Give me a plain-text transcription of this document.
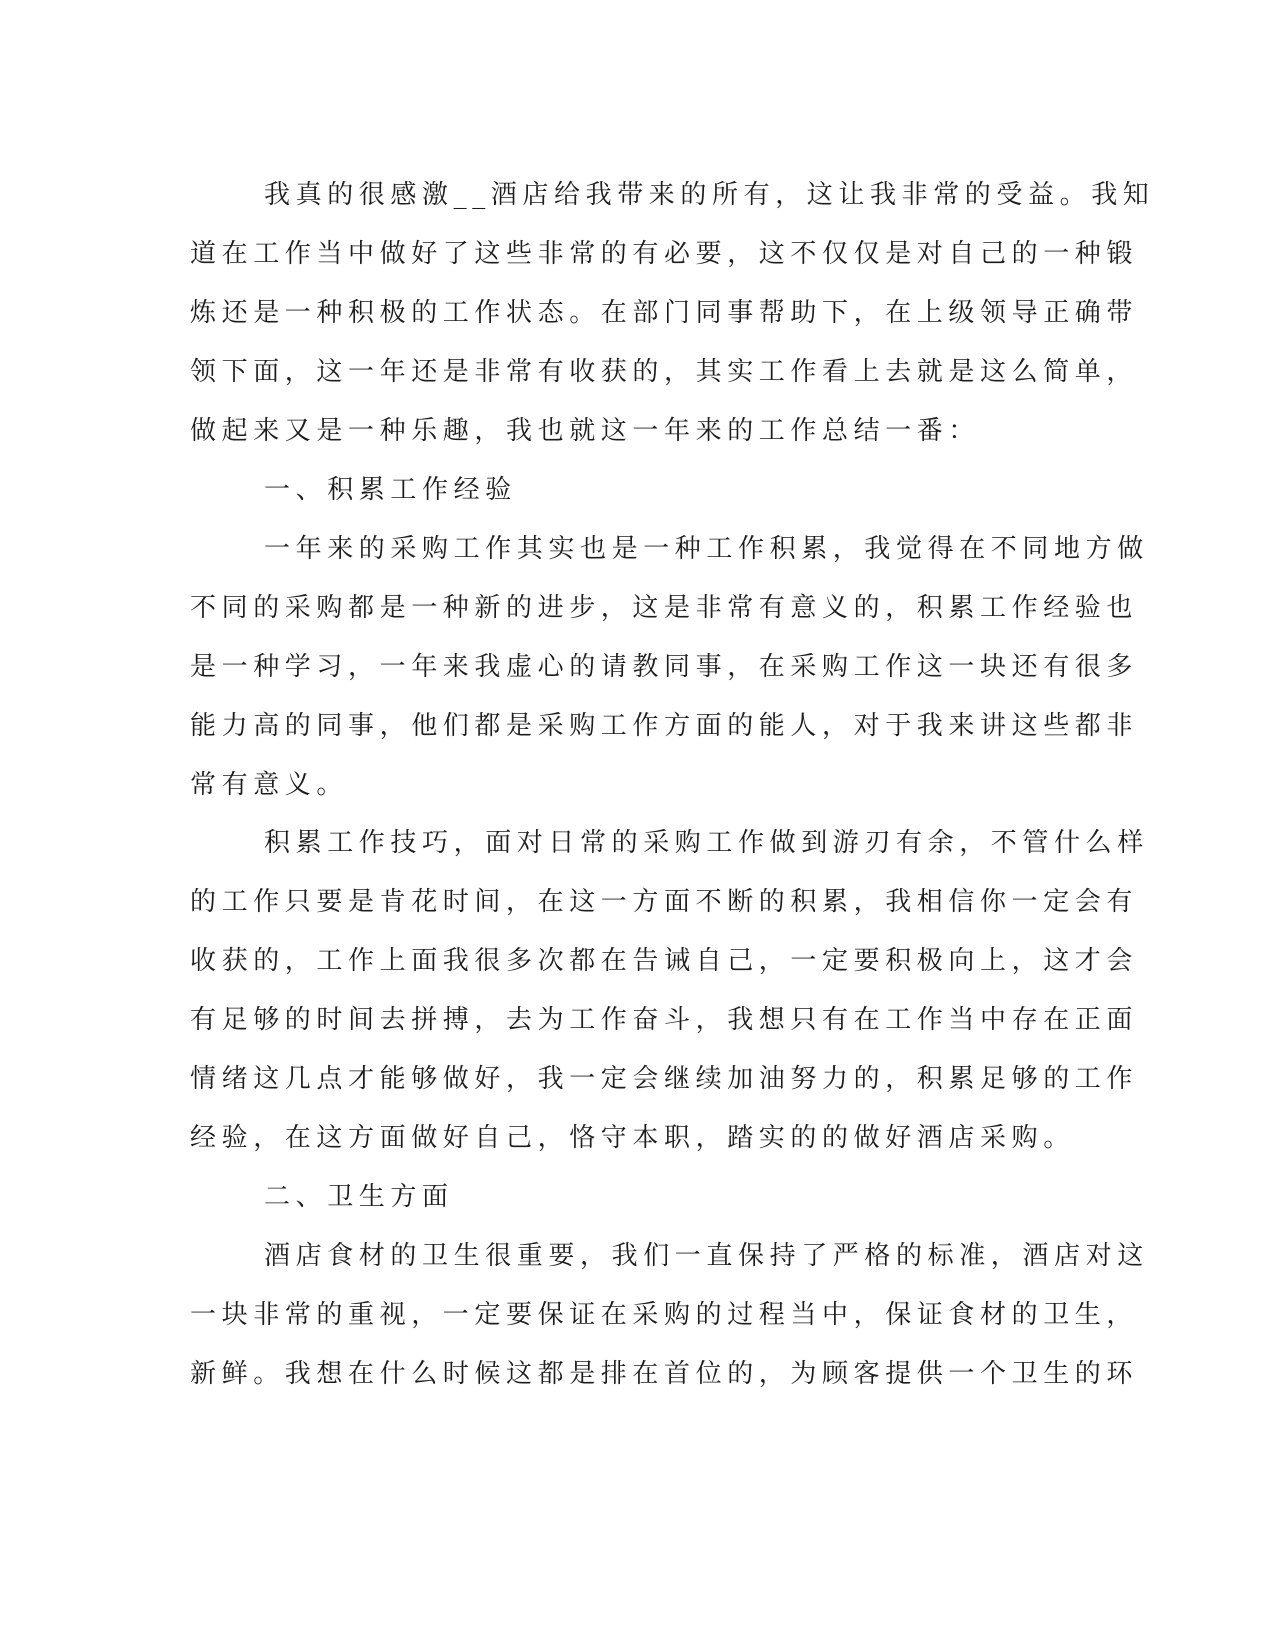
我真的很感激__酒店给我带来的所有，这让我非常的受益。我知
道在工作当中做好了这些非常的有必要，这不仅仅是对自己的一种锻
炼还是一种积极的工作状态。在部门同事帮助下，在上级领导正确带
领下面，这一年还是非常有收获的，其实工作看上去就是这么简单，
做起来又是一种乐趣，我也就这一年来的工作总结一番：
一、积累工作经验
一年来的采购工作其实也是一种工作积累，我觉得在不同地方做
不同的采购都是一种新的进步，这是非常有意义的，积累工作经验也
是一种学习，一年来我虚心的请教同事，在采购工作这一块还有很多
能力高的同事，他们都是采购工作方面的能人，对于我来讲这些都非
常有意义。
积累工作技巧，面对日常的采购工作做到游刃有余，不管什么样
的工作只要是肯花时间，在这一方面不断的积累，我相信你一定会有
收获的，工作上面我很多次都在告诫自己，一定要积极向上，这才会
有足够的时间去拼搏，去为工作奋斗，我想只有在工作当中存在正面
情绪这几点才能够做好，我一定会继续加油努力的，积累足够的工作
经验，在这方面做好自己，恪守本职，踏实的的做好酒店采购。
二、卫生方面
酒店食材的卫生很重要，我们一直保持了严格的标准，酒店对这
一块非常的重视，一定要保证在采购的过程当中，保证食材的卫生，
新鲜。我想在什么时候这都是排在首位的，为顾客提供一个卫生的环
